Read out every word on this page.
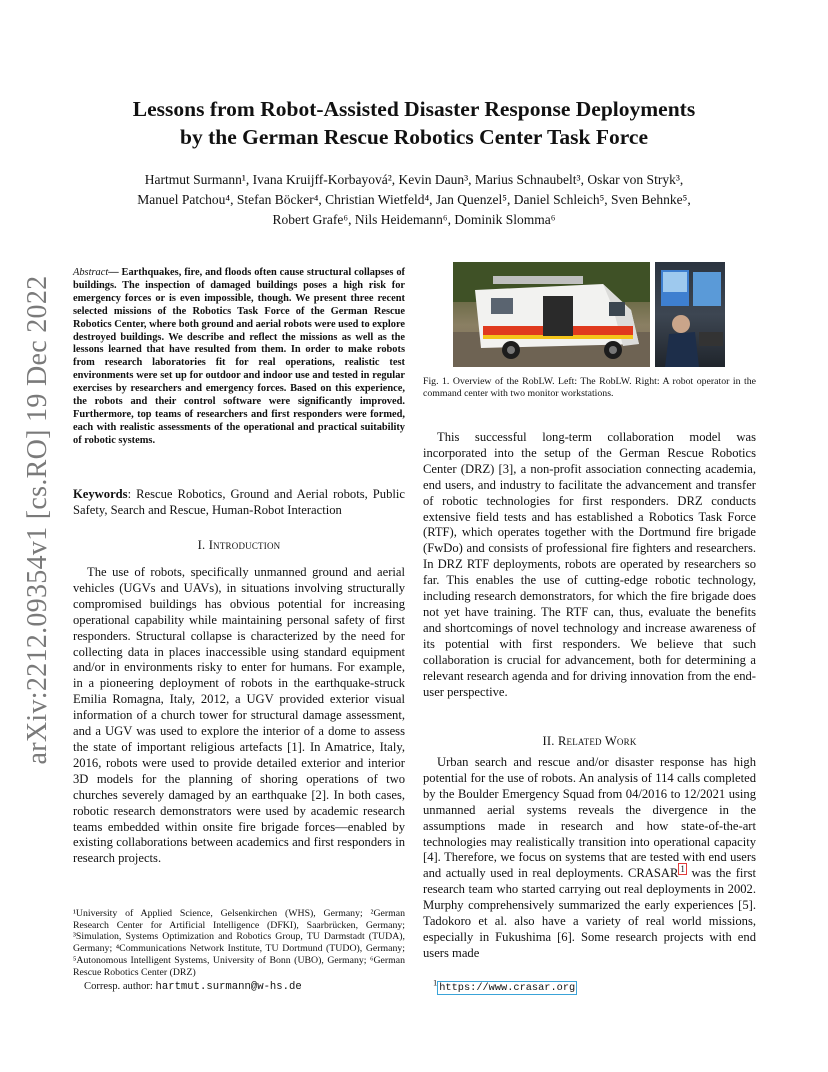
arXiv:2212.09354v1 [cs.RO] 19 Dec 2022
Lessons from Robot-Assisted Disaster Response Deployments
by the German Rescue Robotics Center Task Force
Hartmut Surmann¹, Ivana Kruijff-Korbayová², Kevin Daun³, Marius Schnaubelt³, Oskar von Stryk³,
Manuel Patchou⁴, Stefan Böcker⁴, Christian Wietfeld⁴, Jan Quenzel⁵, Daniel Schleich⁵, Sven Behnke⁵,
Robert Grafe⁶, Nils Heidemann⁶, Dominik Slomma⁶
Abstract— Earthquakes, fire, and floods often cause structural collapses of buildings. The inspection of damaged buildings poses a high risk for emergency forces or is even impossible, though. We present three recent selected missions of the Robotics Task Force of the German Rescue Robotics Center, where both ground and aerial robots were used to explore destroyed buildings. We describe and reflect the missions as well as the lessons learned that have resulted from them. In order to make robots from research laboratories fit for real operations, realistic test environments were set up for outdoor and indoor use and tested in regular exercises by researchers and emergency forces. Based on this experience, the robots and their control software were significantly improved. Furthermore, top teams of researchers and first responders were formed, each with realistic assessments of the operational and practical suitability of robotic systems.
Keywords: Rescue Robotics, Ground and Aerial robots, Public Safety, Search and Rescue, Human-Robot Interaction
I. Introduction

The use of robots, specifically unmanned ground and aerial vehicles (UGVs and UAVs), in situations involving structurally compromised buildings has obvious potential for increasing operational capability while maintaining personal safety of first responders. Structural collapse is characterized by the need for collecting data in places inaccessible using standard equipment and/or in environments risky to enter for humans. For example, in a pioneering deployment of robots in the earthquake-struck Emilia Romagna, Italy, 2012, a UGV provided exterior visual information of a church tower for structural damage assessment, and a UGV was used to explore the interior of a dome to assess the state of important religious artefacts [1]. In Amatrice, Italy, 2016, robots were used to provide detailed exterior and interior 3D models for the planning of shoring operations of two churches severely damaged by an earthquake [2]. In both cases, robotic research demonstrators were used by academic research teams embedded within onsite fire brigade forces—enabled by existing collaborations between academics and first responders in research projects.

¹University of Applied Science, Gelsenkirchen (WHS), Germany; ²German Research Center for Artificial Intelligence (DFKI), Saarbrücken, Germany; ³Simulation, Systems Optimization and Robotics Group, TU Darmstadt (TUDA), Germany; ⁴Communications Network Institute, TU Dortmund (TUDO), Germany; ⁵Autonomous Intelligent Systems, University of Bonn (UBO), Germany; ⁶German Rescue Robotics Center (DRZ)
Corresp. author: hartmut.surmann@w-hs.de
Fig. 1. Overview of the RobLW. Left: The RobLW. Right: A robot operator in the command center with two monitor workstations.

This successful long-term collaboration model was incorporated into the setup of the German Rescue Robotics Center (DRZ) [3], a non-profit association connecting academia, end users, and industry to facilitate the advancement and transfer of robotic technologies for first responders. DRZ conducts extensive field tests and has established a Robotics Task Force (RTF), which operates together with the Dortmund fire brigade (FwDo) and consists of professional fire fighters and researchers. In DRZ RTF deployments, robots are operated by researchers so far. This enables the use of cutting-edge robotic technology, including research demonstrators, for which the fire brigade does not yet have training. The RTF can, thus, evaluate the benefits and shortcomings of novel technology and increase awareness of its potential with first responders. We believe that such collaboration is crucial for advancement, both for determining a relevant research agenda and for driving innovation from the end-user perspective.

II. Related Work

Urban search and rescue and/or disaster response has high potential for the use of robots. An analysis of 114 calls completed by the Boulder Emergency Squad from 04/2016 to 12/2021 using unmanned aerial systems reveals the divergence in the assumptions made in research and how state-of-the-art technologies may realistically transition into operational capacity [4]. Therefore, we focus on systems that are tested with end users and actually used in real deployments. CRASAR $^1$ was the first research team who started carrying out real deployments in 2002. Murphy comprehensively summarized the early experiences [5]. Tadokoro et al. also have a variety of real world missions, especially in Fukushima [6]. Some research projects with end users made

$^1$ https://www.crasar.org
